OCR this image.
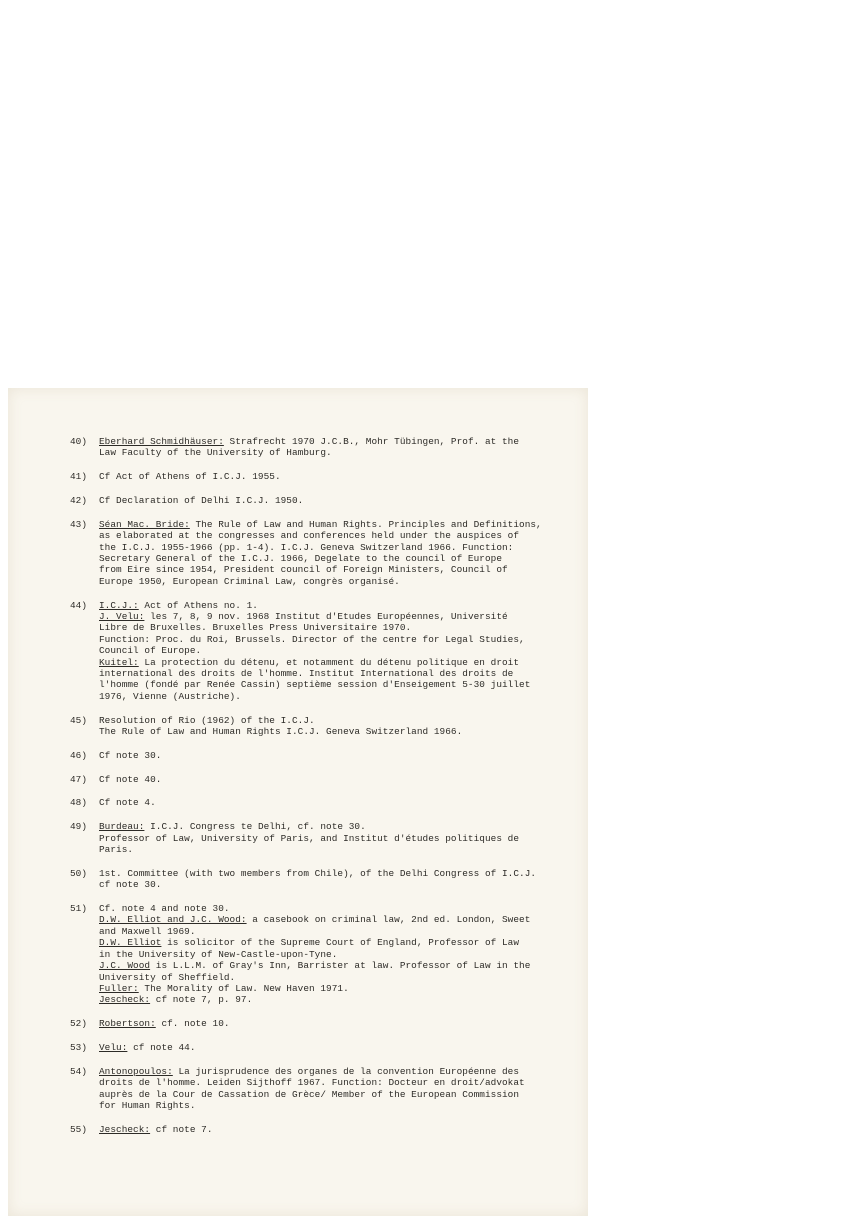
40) Eberhard Schmidhäuser: Strafrecht 1970 J.C.B., Mohr Tübingen, Prof. at the
Law Faculty of the University of Hamburg.
41) Cf Act of Athens of I.C.J. 1955.
42) Cf Declaration of Delhi I.C.J. 1950.
43) Séan Mac. Bride: The Rule of Law and Human Rights. Principles and Definitions,
as elaborated at the congresses and conferences held under the auspices of
the I.C.J. 1955-1966 (pp. 1-4). I.C.J. Geneva Switzerland 1966. Function:
Secretary General of the I.C.J. 1966, Degelate to the council of Europe
from Eire since 1954, President council of Foreign Ministers, Council of
Europe 1950, European Criminal Law, congrès organisé.
44) I.C.J.: Act of Athens no. 1.
J. Velu: les 7, 8, 9 nov. 1968 Institut d'Etudes Européennes, Université
Libre de Bruxelles. Bruxelles Press Universitaire 1970.
Function: Proc. du Roi, Brussels. Director of the centre for Legal Studies,
Council of Europe.
Kuitel: La protection du détenu, et notamment du détenu politique en droit
international des droits de l'homme. Institut International des droits de
l'homme (fondé par Renée Cassin) septième session d'Enseigement 5-30 juillet
1976, Vienne (Austriche).
45) Resolution of Rio (1962) of the I.C.J.
The Rule of Law and Human Rights I.C.J. Geneva Switzerland 1966.
46) Cf note 30.
47) Cf note 40.
48) Cf note 4.
49) Burdeau: I.C.J. Congress te Delhi, cf. note 30.
Professor of Law, University of Paris, and Institut d'études politiques de
Paris.
50) 1st. Committee (with two members from Chile), of the Delhi Congress of I.C.J.
cf note 30.
51) Cf. note 4 and note 30.
D.W. Elliot and J.C. Wood: a casebook on criminal law, 2nd ed. London, Sweet
and Maxwell 1969.
D.W. Elliot is solicitor of the Supreme Court of England, Professor of Law
in the University of New-Castle-upon-Tyne.
J.C. Wood is L.L.M. of Gray's Inn, Barrister at law. Professor of Law in the
University of Sheffield.
Fuller: The Morality of Law. New Haven 1971.
Jescheck: cf note 7, p. 97.
52) Robertson: cf. note 10.
53) Velu: cf note 44.
54) Antonopoulos: La jurisprudence des organes de la convention Européenne des
droits de l'homme. Leiden Sijthoff 1967. Function: Docteur en droit/advokat
auprès de la Cour de Cassation de Grèce/ Member of the European Commission
for Human Rights.
55) Jescheck: cf note 7.
